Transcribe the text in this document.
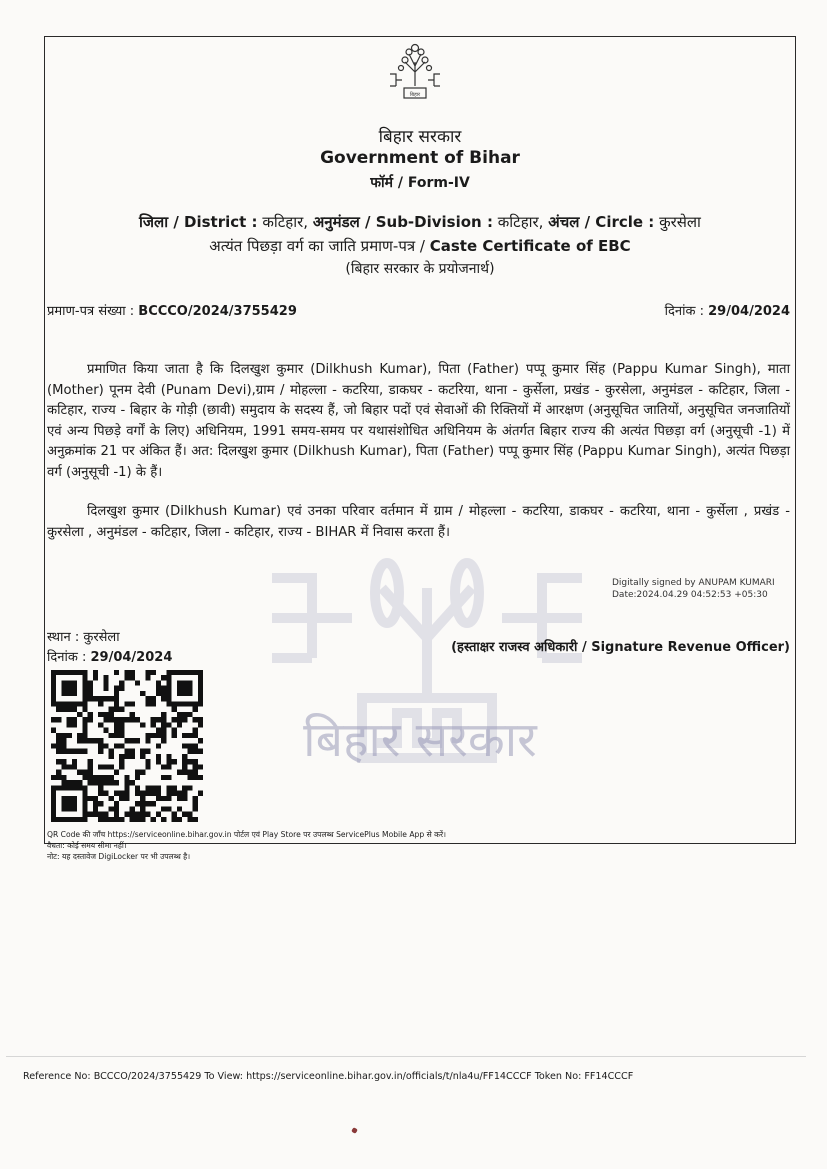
बिहार
बिहार सरकार
बिहार सरकार
Government of Bihar
फॉर्म / Form-IV
जिला / District : कटिहार, अनुमंडल / Sub-Division : कटिहार, अंचल / Circle : कुरसेला
अत्यंत पिछड़ा वर्ग का जाति प्रमाण-पत्र / Caste Certificate of EBC
(बिहार सरकार के प्रयोजनार्थ)
प्रमाण-पत्र संख्या : BCCCO/2024/3755429	दिनांक : 29/04/2024
प्रमाणित किया जाता है कि दिलखुश कुमार (Dilkhush Kumar), पिता (Father) पप्पू कुमार सिंह (Pappu Kumar Singh), माता (Mother) पूनम देवी (Punam Devi),ग्राम / मोहल्ला - कटरिया, डाकघर - कटरिया, थाना - कुर्सेला, प्रखंड - कुरसेला, अनुमंडल - कटिहार, जिला - कटिहार, राज्य - बिहार के गोड़ी (छावी) समुदाय के सदस्य हैं, जो बिहार पदों एवं सेवाओं की रिक्तियों में आरक्षण (अनुसूचित जातियों, अनुसूचित जनजातियों एवं अन्य पिछड़े वर्गों के लिए) अधिनियम, 1991 समय-समय पर यथासंशोधित अधिनियम के अंतर्गत बिहार राज्य की अत्यंत पिछड़ा वर्ग (अनुसूची -1) में अनुक्रमांक 21 पर अंकित हैं। अत: दिलखुश कुमार (Dilkhush Kumar), पिता (Father) पप्पू कुमार सिंह (Pappu Kumar Singh), अत्यंत पिछड़ा वर्ग (अनुसूची -1) के हैं।
दिलखुश कुमार (Dilkhush Kumar) एवं उनका परिवार वर्तमान में ग्राम / मोहल्ला - कटरिया, डाकघर - कटरिया, थाना - कुर्सेला , प्रखंड - कुरसेला , अनुमंडल - कटिहार, जिला - कटिहार, राज्य - BIHAR में निवास करता हैं।
Digitally signed by ANUPAM KUMARI
Date:2024.04.29 04:52:53 +05:30
स्थान : कुरसेला
दिनांक : 29/04/2024
(हस्ताक्षर राजस्व अधिकारी / Signature Revenue Officer)
QR Code की जाँच https://serviceonline.bihar.gov.in पोर्टल एवं Play Store पर उपलब्ध ServicePlus Mobile App से करें।
वैधता: कोई समय सीमा नहीं।
नोट: यह दस्तावेज DigiLocker पर भी उपलब्ध है।
Reference No: BCCCO/2024/3755429 To View: https://serviceonline.bihar.gov.in/officials/t/nla4u/FF14CCCF Token No: FF14CCCF
